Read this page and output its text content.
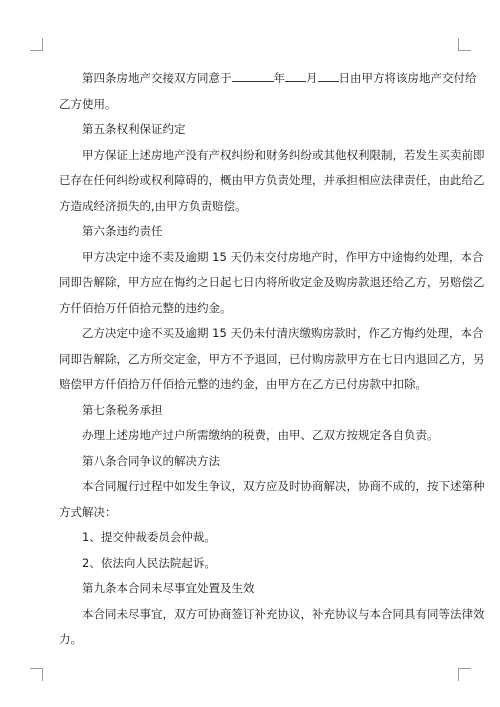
第四条房地产交接双方同意于	年 月 日由甲方将该房地产交付给

乙方使用。

第五条权利保证约定

甲方保证上述房地产没有产权纠纷和财务纠纷或其他权利限制，若发生买卖前即

已存在任何纠纷或权利障碍的，概由甲方负责处理，并承担相应法律责任，由此给乙

方造成经济损失的,由甲方负责赔偿。

第六条违约责任

甲方决定中途不卖及逾期 15 天仍未交付房地产时，作甲方中途悔约处理，本合

同即告解除，甲方应在悔约之日起七日内将所收定金及购房款退还给乙方，另赔偿乙

方仟佰拾万仟佰拾元整的违约金。

乙方决定中途不买及逾期 15 天仍未付清庆缴购房款时，作乙方悔约处理，本合

同即告解除，乙方所交定金，甲方不予退回，已付购房款甲方在七日内退回乙方，另

赔偿甲方仟佰拾万仟佰拾元整的违约金，由甲方在乙方已付房款中扣除。

第七条税务承担

办理上述房地产过户所需缴纳的税费，由甲、乙双方按规定各自负责。

第八条合同争议的解决方法

本合同履行过程中如发生争议，双方应及时协商解决，协商不成的，按下述第种

方式解决：

1、提交仲裁委员会仲裁。

2、依法向人民法院起诉。

第九条本合同未尽事宜处置及生效

本合同未尽事宜，双方可协商签订补充协议，补充协议与本合同具有同等法律效

力。
